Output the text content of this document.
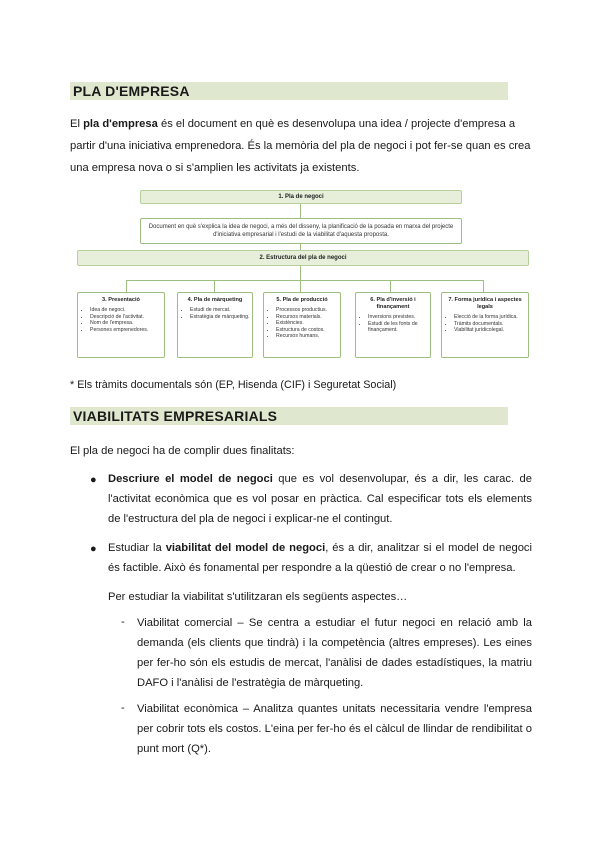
PLA D'EMPRESA
El pla d'empresa és el document en què es desenvolupa una idea / projecte d'empresa a partir d'una iniciativa emprenedora. És la memòria del pla de negoci i pot fer-se quan es crea una empresa nova o si s'amplien les activitats ja existents.
1. Pla de negoci
Document en què s'explica la idea de negoci, a més del disseny, la planificació de la posada en marxa del projecte d'iniciativa empresarial i l'estudi de la viabilitat d'aquesta proposta.
2. Estructura del pla de negoci
3. Presentació
• Idea de negoci.
• Descripció de l'activitat.
• Nom de l'empresa.
• Persones emprenedores.
4. Pla de màrqueting
• Estudi de mercat.
• Estratègia de màrqueting.
5. Pla de producció
• Processos productius.
• Recursos materials.
• Existències.
• Estructura de costos.
• Recursos humans.
6. Pla d'inversió i finançament
• Inversions previstes.
• Estudi de les fonts de finançament.
7. Forma jurídica i aspectes legals
• Elecció de la forma jurídica.
• Tràmits documentals.
• Viabilitat jurídicolegal.
* Els tràmits documentals són (EP, Hisenda (CIF) i Seguretat Social)
VIABILITATS EMPRESARIALS
El pla de negoci ha de complir dues finalitats:
● Descriure el model de negoci que es vol desenvolupar, és a dir, les carac. de l'activitat econòmica que es vol posar en pràctica. Cal especificar tots els elements de l'estructura del pla de negoci i explicar-ne el contingut.
● Estudiar la viabilitat del model de negoci, és a dir, analitzar si el model de negoci és factible. Això és fonamental per respondre a la qüestió de crear o no l'empresa.
Per estudiar la viabilitat s'utilitzaran els següents aspectes…
- Viabilitat comercial – Se centra a estudiar el futur negoci en relació amb la demanda (els clients que tindrà) i la competència (altres empreses). Les eines per fer-ho són els estudis de mercat, l'anàlisi de dades estadístiques, la matriu DAFO i l'anàlisi de l'estratègia de màrqueting.
- Viabilitat econòmica – Analitza quantes unitats necessitaria vendre l'empresa per cobrir tots els costos. L'eina per fer-ho és el càlcul de llindar de rendibilitat o punt mort (Q*).
